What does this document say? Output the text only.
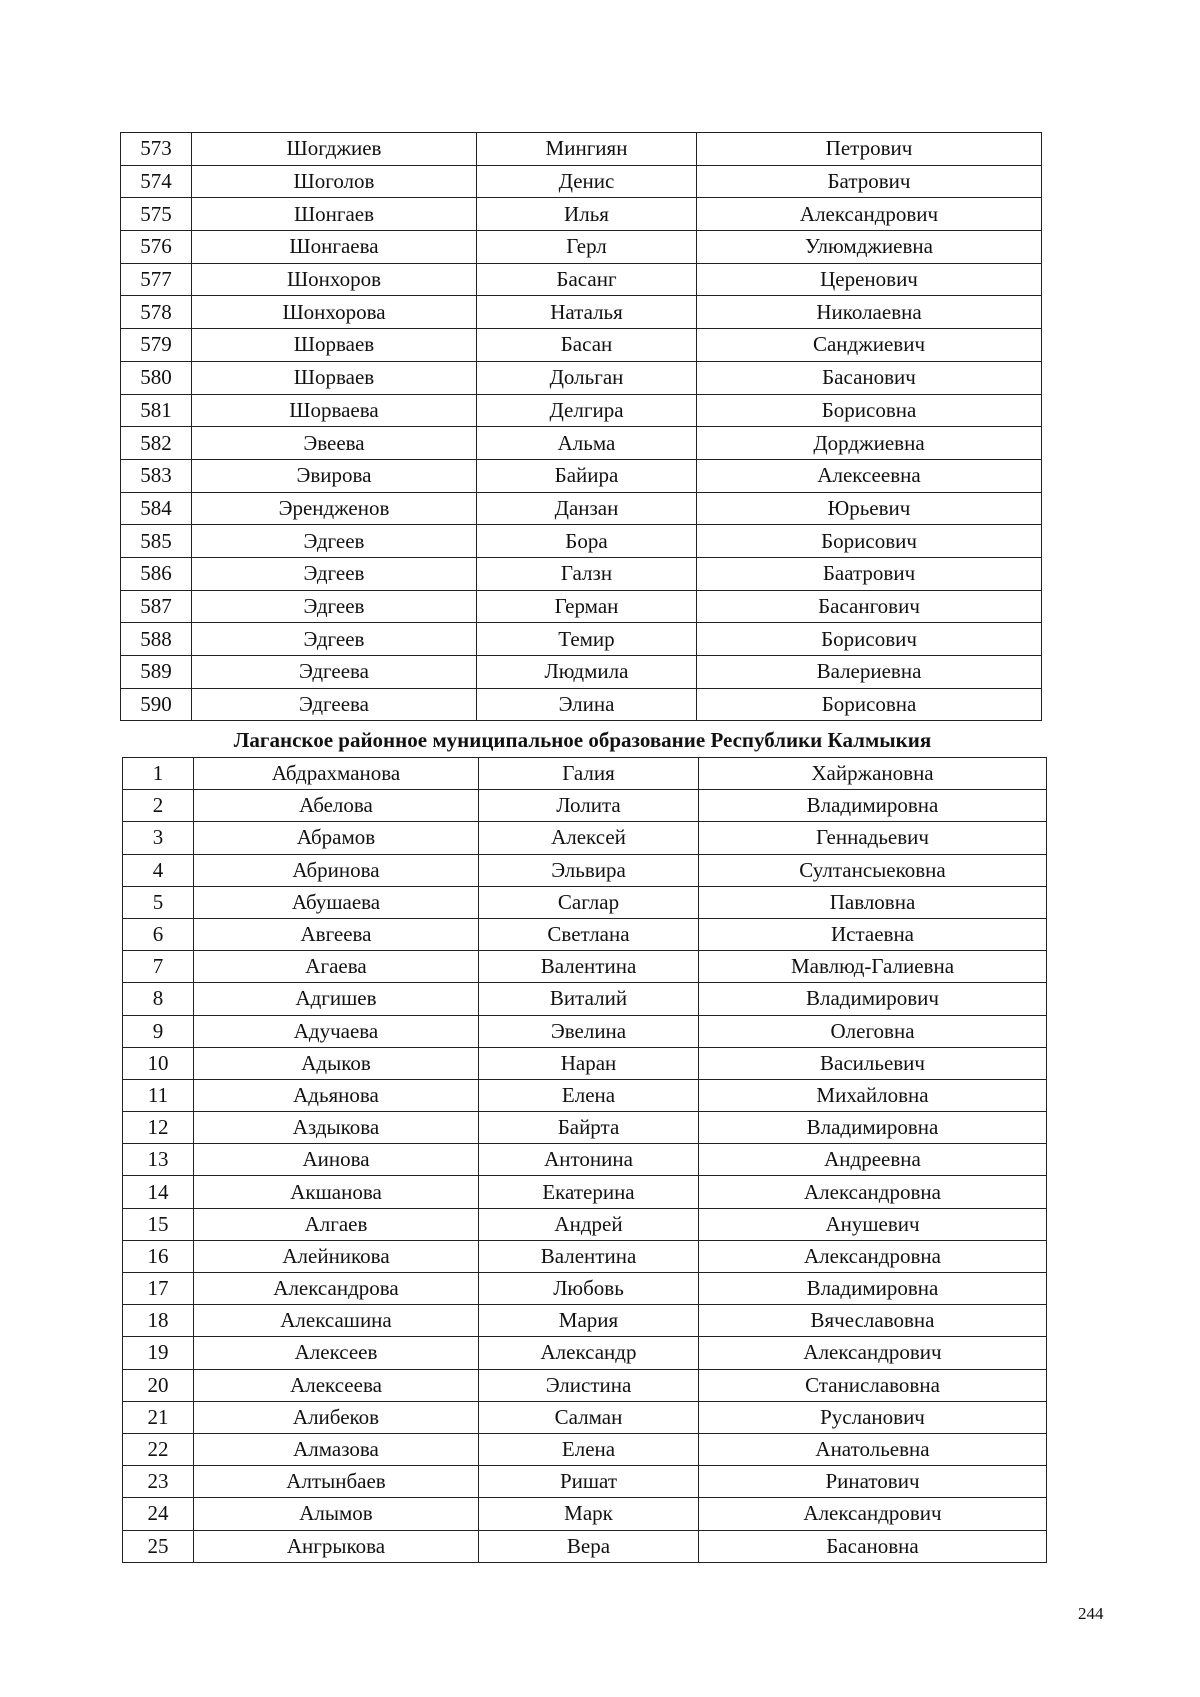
573	Шогджиев	Мингиян	Петрович
574	Шоголов	Денис	Батрович
575	Шонгаев	Илья	Александрович
576	Шонгаева	Герл	Улюмджиевна
577	Шонхоров	Басанг	Церенович
578	Шонхорова	Наталья	Николаевна
579	Шорваев	Басан	Санджиевич
580	Шорваев	Дольган	Басанович
581	Шорваева	Делгира	Борисовна
582	Эвеева	Альма	Дорджиевна
583	Эвирова	Байира	Алексеевна
584	Эрендженов	Данзан	Юрьевич
585	Эдгеев	Бора	Борисович
586	Эдгеев	Галзн	Баатрович
587	Эдгеев	Герман	Басангович
588	Эдгеев	Темир	Борисович
589	Эдгеева	Людмила	Валериевна
590	Эдгеева	Элина	Борисовна
Лаганское районное муниципальное образование Республики Калмыкия
1	Абдрахманова	Галия	Хайржановна
2	Абелова	Лолита	Владимировна
3	Абрамов	Алексей	Геннадьевич
4	Абринова	Эльвира	Султансыековна
5	Абушаева	Саглар	Павловна
6	Авгеева	Светлана	Истаевна
7	Агаева	Валентина	Мавлюд-Галиевна
8	Адгишев	Виталий	Владимирович
9	Адучаева	Эвелина	Олеговна
10	Адыков	Наран	Васильевич
11	Адьянова	Елена	Михайловна
12	Аздыкова	Байрта	Владимировна
13	Аинова	Антонина	Андреевна
14	Акшанова	Екатерина	Александровна
15	Алгаев	Андрей	Анушевич
16	Алейникова	Валентина	Александровна
17	Александрова	Любовь	Владимировна
18	Алексашина	Мария	Вячеславовна
19	Алексеев	Александр	Александрович
20	Алексеева	Элистина	Станиславовна
21	Алибеков	Салман	Русланович
22	Алмазова	Елена	Анатольевна
23	Алтынбаев	Ришат	Ринатович
24	Алымов	Марк	Александрович
25	Ангрыкова	Вера	Басановна
244
